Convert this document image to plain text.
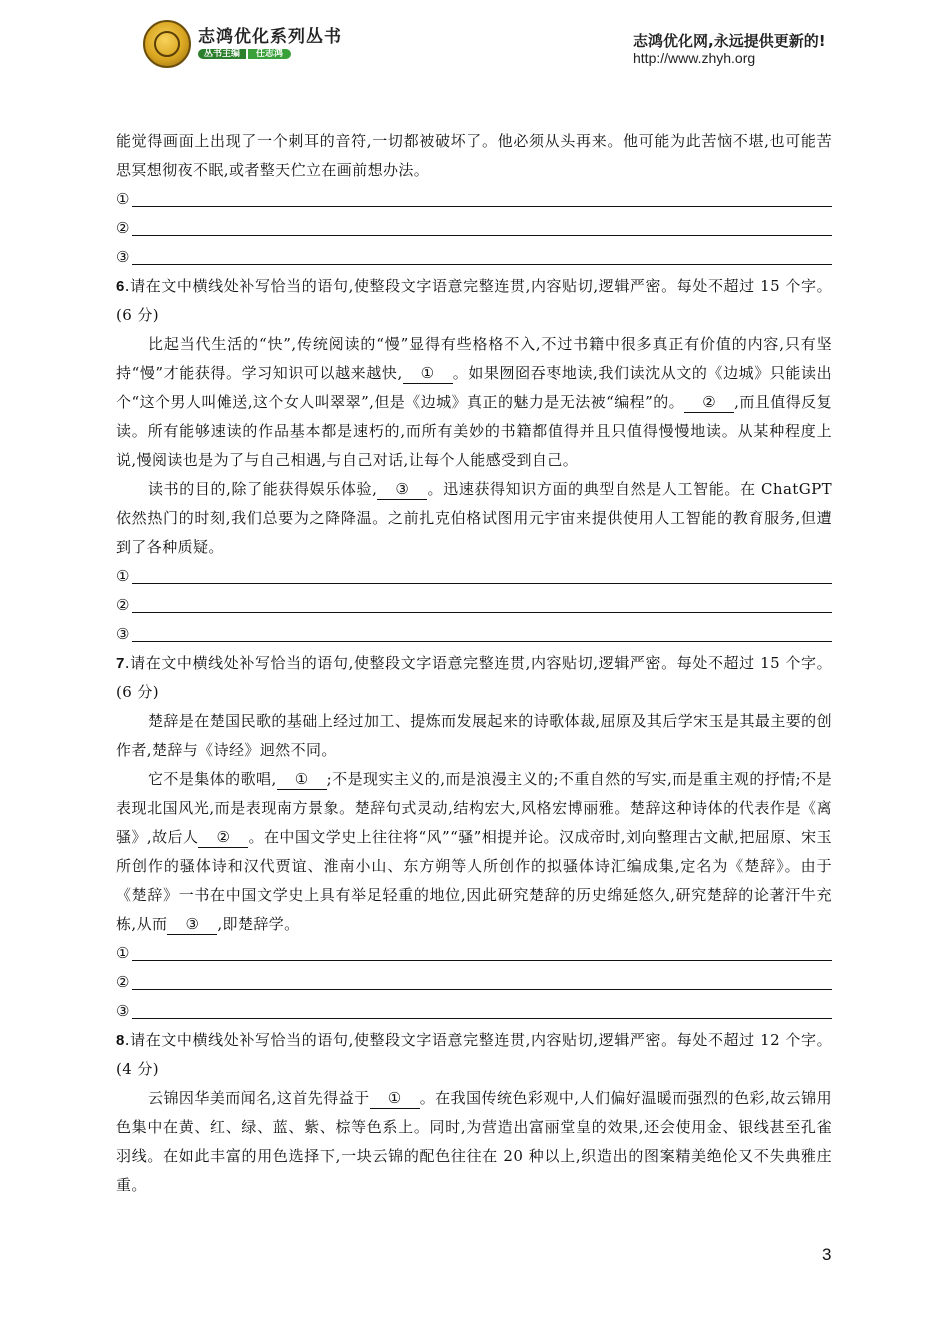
志鸿优化系列丛书
丛书主编 任志鸿
志鸿优化网,永远提供更新的!
http://www.zhyh.org

能觉得画面上出现了一个刺耳的音符,一切都被破坏了。他必须从头再来。他可能为此苦恼不堪,也可能苦思冥想彻夜不眠,或者整天伫立在画前想办法。

①
②
③

6.请在文中横线处补写恰当的语句,使整段文字语意完整连贯,内容贴切,逻辑严密。每处不超过 15 个字。(6 分)

比起当代生活的“快”,传统阅读的“慢”显得有些格格不入,不过书籍中很多真正有价值的内容,只有坚持“慢”才能获得。学习知识可以越来越快, ① 。如果囫囵吞枣地读,我们读沈从文的《边城》只能读出个“这个男人叫傩送,这个女人叫翠翠”,但是《边城》真正的魅力是无法被“编程”的。 ② ,而且值得反复读。所有能够速读的作品基本都是速朽的,而所有美妙的书籍都值得并且只值得慢慢地读。从某种程度上说,慢阅读也是为了与自己相遇,与自己对话,让每个人能感受到自己。

读书的目的,除了能获得娱乐体验, ③ 。迅速获得知识方面的典型自然是人工智能。在 ChatGPT 依然热门的时刻,我们总要为之降降温。之前扎克伯格试图用元宇宙来提供使用人工智能的教育服务,但遭到了各种质疑。

①
②
③

7.请在文中横线处补写恰当的语句,使整段文字语意完整连贯,内容贴切,逻辑严密。每处不超过 15 个字。(6 分)

楚辞是在楚国民歌的基础上经过加工、提炼而发展起来的诗歌体裁,屈原及其后学宋玉是其最主要的创作者,楚辞与《诗经》迥然不同。

它不是集体的歌唱, ① ;不是现实主义的,而是浪漫主义的;不重自然的写实,而是重主观的抒情;不是表现北国风光,而是表现南方景象。楚辞句式灵动,结构宏大,风格宏博丽雅。楚辞这种诗体的代表作是《离骚》,故后人 ② 。在中国文学史上往往将“风”“骚”相提并论。汉成帝时,刘向整理古文献,把屈原、宋玉所创作的骚体诗和汉代贾谊、淮南小山、东方朔等人所创作的拟骚体诗汇编成集,定名为《楚辞》。由于《楚辞》一书在中国文学史上具有举足轻重的地位,因此研究楚辞的历史绵延悠久,研究楚辞的论著汗牛充栋,从而 ③ ,即楚辞学。

①
②
③

8.请在文中横线处补写恰当的语句,使整段文字语意完整连贯,内容贴切,逻辑严密。每处不超过 12 个字。(4 分)

云锦因华美而闻名,这首先得益于 ① 。在我国传统色彩观中,人们偏好温暖而强烈的色彩,故云锦用色集中在黄、红、绿、蓝、紫、棕等色系上。同时,为营造出富丽堂皇的效果,还会使用金、银线甚至孔雀羽线。在如此丰富的用色选择下,一块云锦的配色往往在 20 种以上,织造出的图案精美绝伦又不失典雅庄重。

3
